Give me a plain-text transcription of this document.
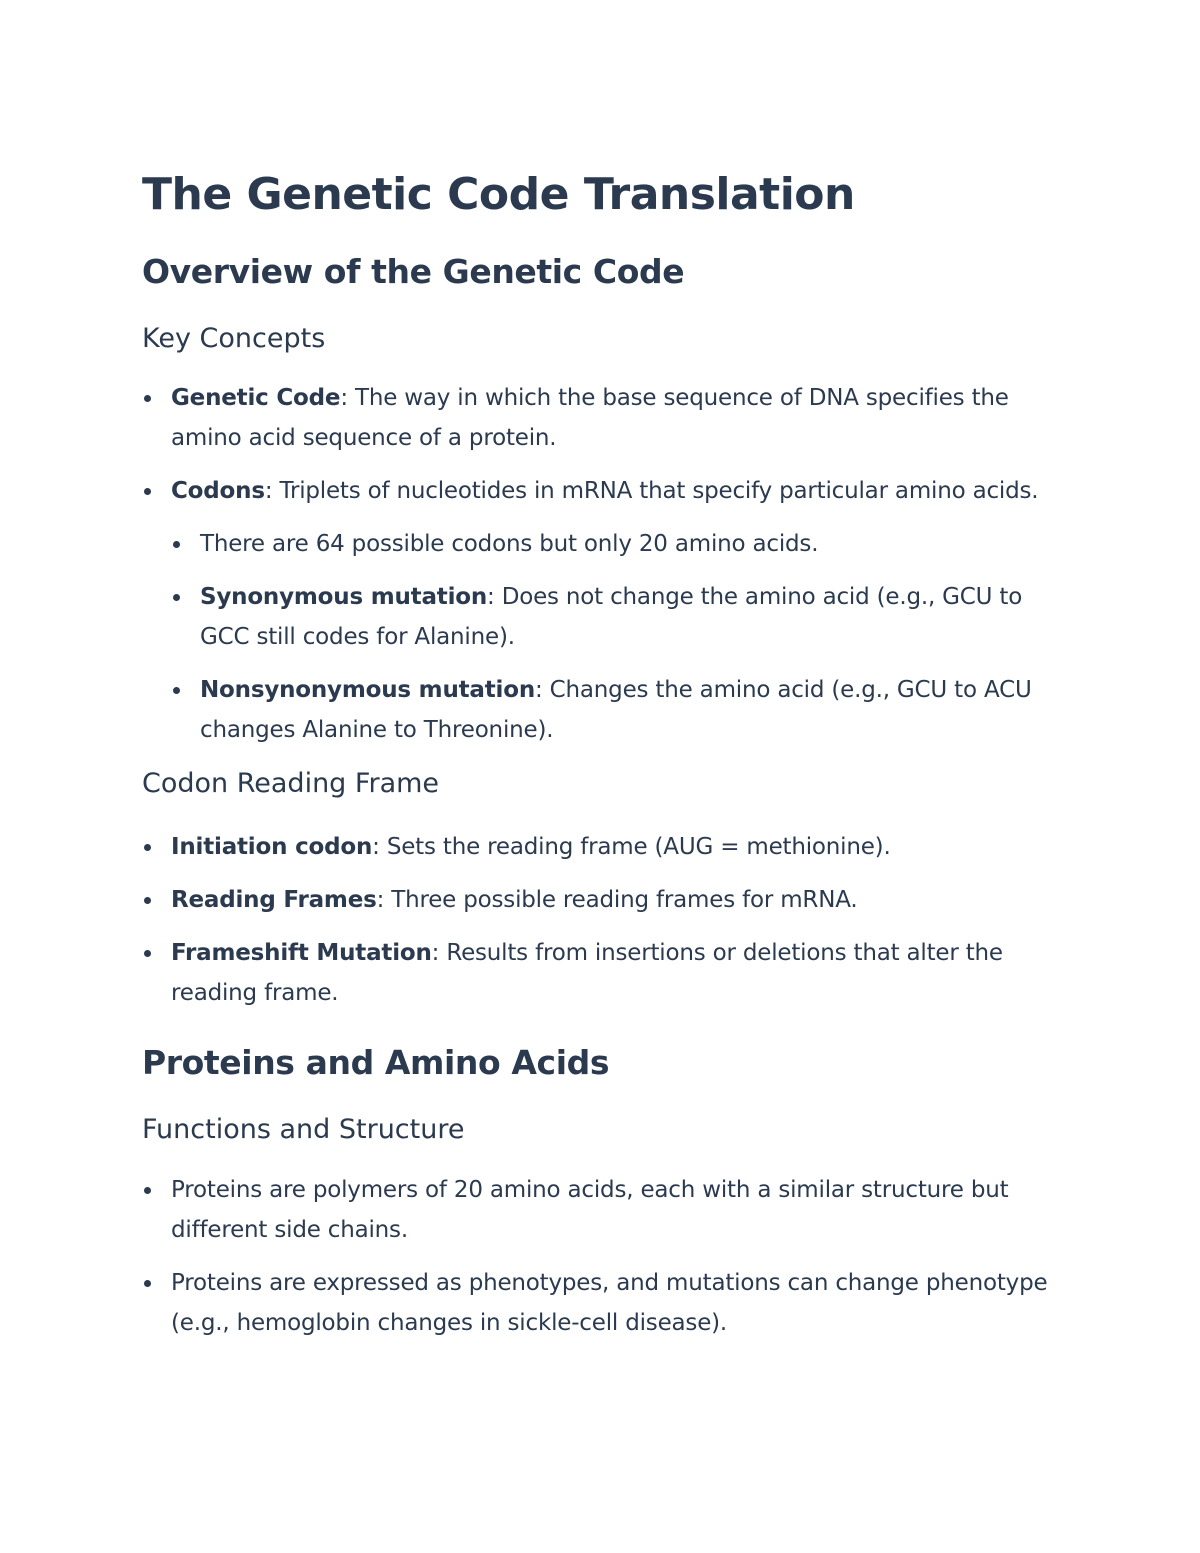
The Genetic Code Translation
Overview of the Genetic Code
Key Concepts
Genetic Code: The way in which the base sequence of DNA specifies the amino acid sequence of a protein.
Codons: Triplets of nucleotides in mRNA that specify particular amino acids.
There are 64 possible codons but only 20 amino acids.
Synonymous mutation: Does not change the amino acid (e.g., GCU to GCC still codes for Alanine).
Nonsynonymous mutation: Changes the amino acid (e.g., GCU to ACU changes Alanine to Threonine).
Codon Reading Frame
Initiation codon: Sets the reading frame (AUG = methionine).
Reading Frames: Three possible reading frames for mRNA.
Frameshift Mutation: Results from insertions or deletions that alter the reading frame.
Proteins and Amino Acids
Functions and Structure
Proteins are polymers of 20 amino acids, each with a similar structure but different side chains.
Proteins are expressed as phenotypes, and mutations can change phenotype (e.g., hemoglobin changes in sickle-cell disease).
